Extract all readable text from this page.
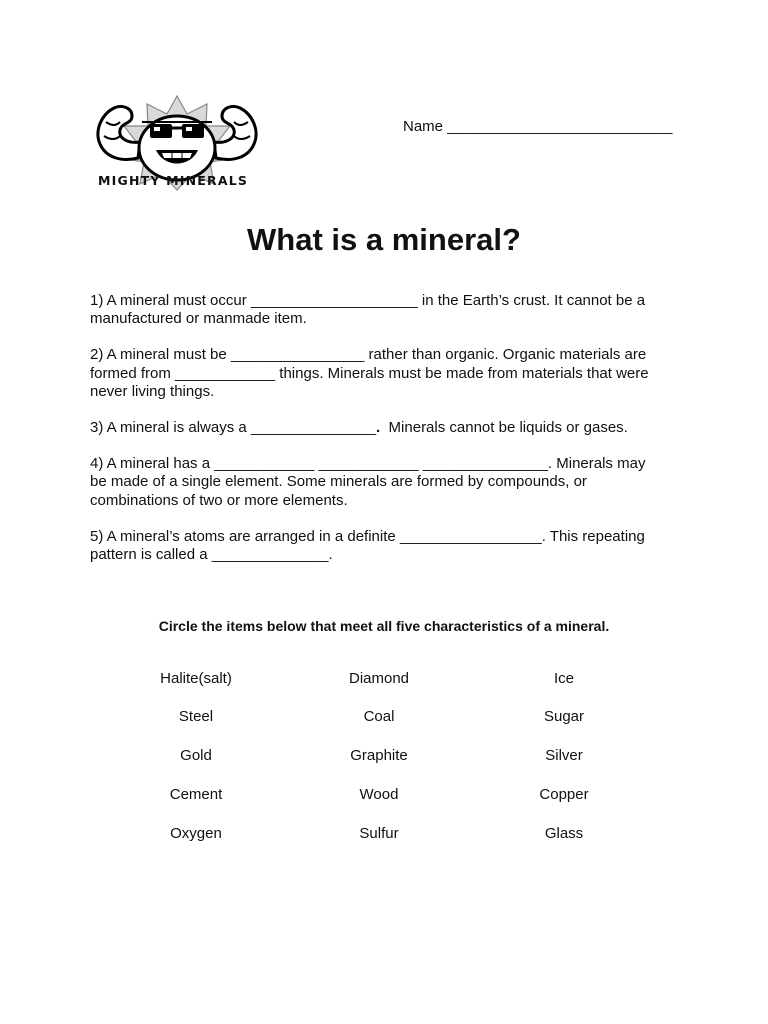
MIGHTY MINERALS
Name ___________________________
What is a mineral?
1) A mineral must occur ____________________ in the Earth’s crust. It cannot be a
manufactured or manmade item.
2) A mineral must be ________________ rather than organic. Organic materials are
formed from ____________ things. Minerals must be made from materials that were
never living things.
3) A mineral is always a _______________.  Minerals cannot be liquids or gases.
4) A mineral has a ____________ ____________ _______________. Minerals may
be made of a single element. Some minerals are formed by compounds, or
combinations of two or more elements.
5) A mineral’s atoms are arranged in a definite _________________. This repeating
pattern is called a ______________.
Circle the items below that meet all five characteristics of a mineral.
Halite(salt)	Diamond	Ice
Steel	Coal	Sugar
Gold	Graphite	Silver
Cement	Wood	Copper
Oxygen	Sulfur	Glass
